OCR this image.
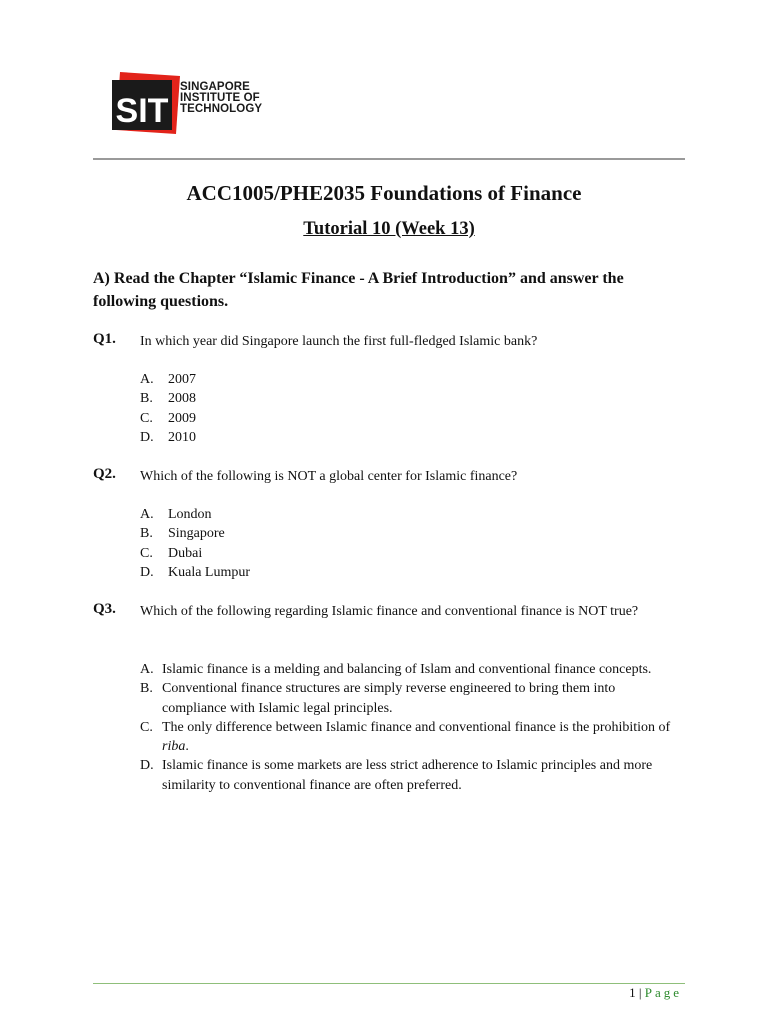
SIT
SINGAPORE
INSTITUTE OF
TECHNOLOGY
ACC1005/PHE2035 Foundations of Finance
Tutorial 10 (Week 13)
A) Read the Chapter “Islamic Finance - A Brief Introduction” and answer the following questions.
Q1. In which year did Singapore launch the first full-fledged Islamic bank?
A. 2007
B. 2008
C. 2009
D. 2010
Q2. Which of the following is NOT a global center for Islamic finance?
A. London
B. Singapore
C. Dubai
D. Kuala Lumpur
Q3. Which of the following regarding Islamic finance and conventional finance is NOT true?
A. Islamic finance is a melding and balancing of Islam and conventional finance concepts.
B. Conventional finance structures are simply reverse engineered to bring them into compliance with Islamic legal principles.
C. The only difference between Islamic finance and conventional finance is the prohibition of riba.
D. Islamic finance is some markets are less strict adherence to Islamic principles and more similarity to conventional finance are often preferred.
1 | Page
